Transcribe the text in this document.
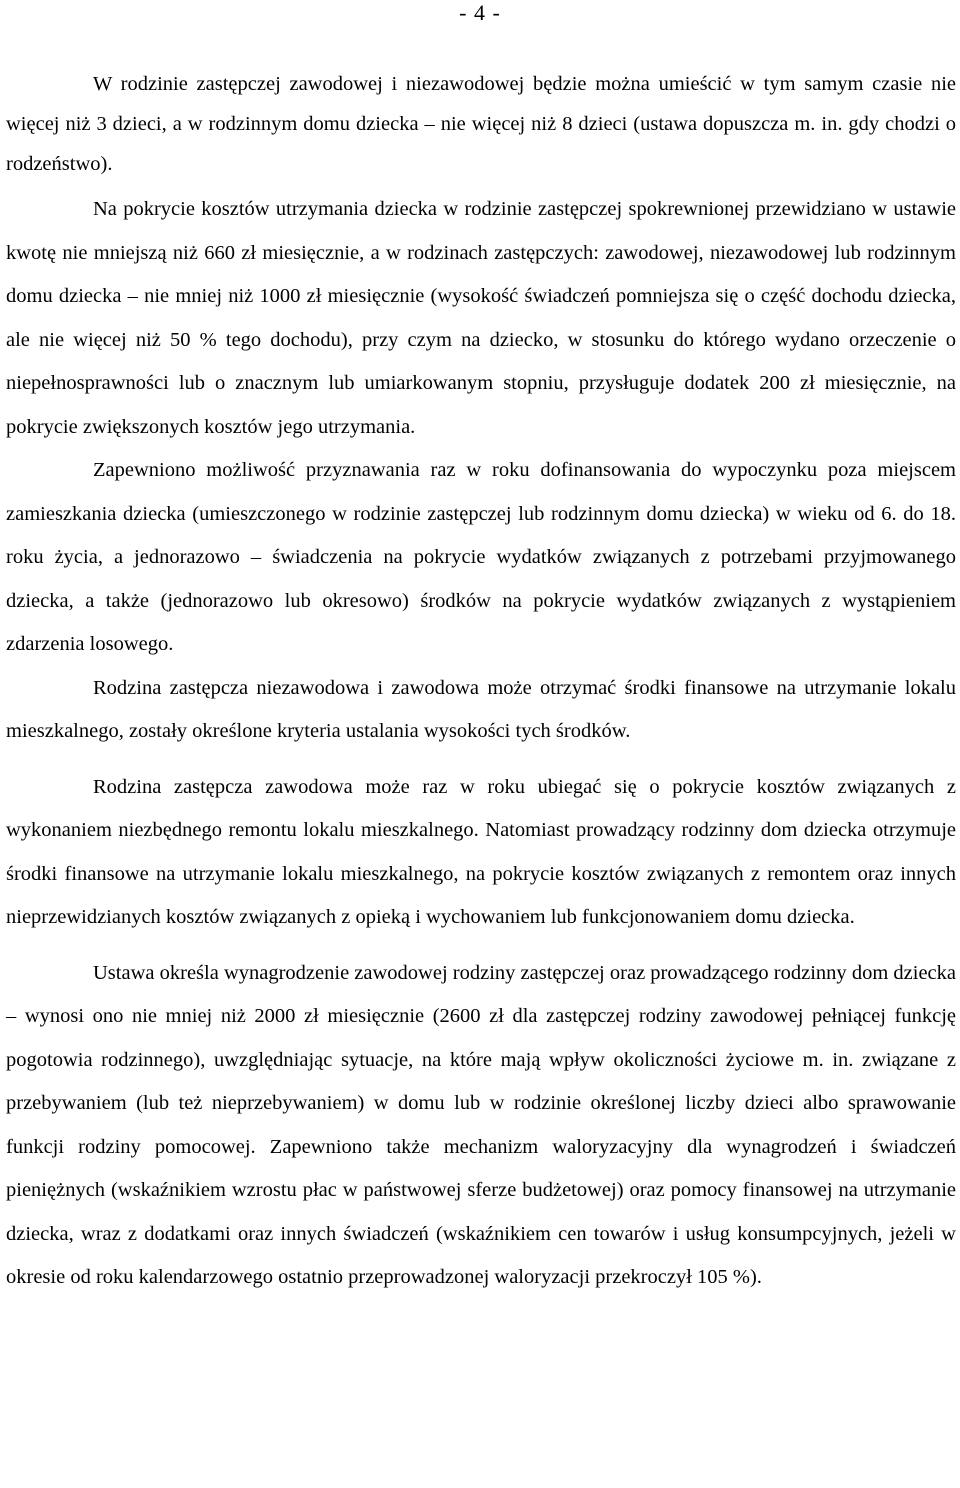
- 4 -

W rodzinie zastępczej zawodowej i niezawodowej będzie można umieścić w tym samym czasie nie więcej niż 3 dzieci, a w rodzinnym domu dziecka – nie więcej niż 8 dzieci (ustawa dopuszcza m. in. gdy chodzi o rodzeństwo).

Na pokrycie kosztów utrzymania dziecka w rodzinie zastępczej spokrewnionej przewidziano w ustawie kwotę nie mniejszą niż 660 zł miesięcznie, a w rodzinach zastępczych: zawodowej, niezawodowej lub rodzinnym domu dziecka – nie mniej niż 1000 zł miesięcznie (wysokość świadczeń pomniejsza się o część dochodu dziecka, ale nie więcej niż 50 % tego dochodu), przy czym na dziecko, w stosunku do którego wydano orzeczenie o niepełnosprawności lub o znacznym lub umiarkowanym stopniu, przysługuje dodatek 200 zł miesięcznie, na pokrycie zwiększonych kosztów jego utrzymania.

Zapewniono możliwość przyznawania raz w roku dofinansowania do wypoczynku poza miejscem zamieszkania dziecka (umieszczonego w rodzinie zastępczej lub rodzinnym domu dziecka) w wieku od 6. do 18. roku życia, a jednorazowo – świadczenia na pokrycie wydatków związanych z potrzebami przyjmowanego dziecka, a także (jednorazowo lub okresowo) środków na pokrycie wydatków związanych z wystąpieniem zdarzenia losowego.

Rodzina zastępcza niezawodowa i zawodowa może otrzymać środki finansowe na utrzymanie lokalu mieszkalnego, zostały określone kryteria ustalania wysokości tych środków.

Rodzina zastępcza zawodowa może raz w roku ubiegać się o pokrycie kosztów związanych z wykonaniem niezbędnego remontu lokalu mieszkalnego. Natomiast prowadzący rodzinny dom dziecka otrzymuje środki finansowe na utrzymanie lokalu mieszkalnego, na pokrycie kosztów związanych z remontem oraz innych nieprzewidzianych kosztów związanych z opieką i wychowaniem lub funkcjonowaniem domu dziecka.

Ustawa określa wynagrodzenie zawodowej rodziny zastępczej oraz prowadzącego rodzinny dom dziecka – wynosi ono nie mniej niż 2000 zł miesięcznie (2600 zł dla zastępczej rodziny zawodowej pełniącej funkcję pogotowia rodzinnego), uwzględniając sytuacje, na które mają wpływ okoliczności życiowe m. in. związane z przebywaniem (lub też nieprzebywaniem) w domu lub w rodzinie określonej liczby dzieci albo sprawowanie funkcji rodziny pomocowej. Zapewniono także mechanizm waloryzacyjny dla wynagrodzeń i świadczeń pieniężnych (wskaźnikiem wzrostu płac w państwowej sferze budżetowej) oraz pomocy finansowej na utrzymanie dziecka, wraz z dodatkami oraz innych świadczeń (wskaźnikiem cen towarów i usług konsumpcyjnych, jeżeli w okresie od roku kalendarzowego ostatnio przeprowadzonej waloryzacji przekroczył 105 %).
